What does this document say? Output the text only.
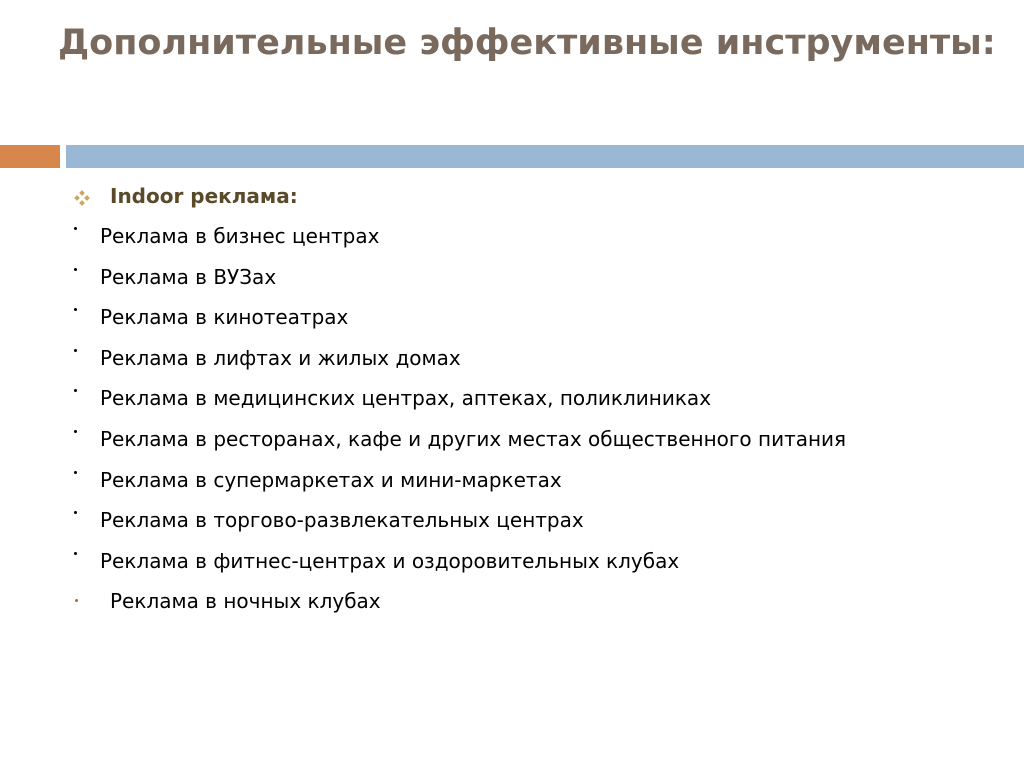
Дополнительные эффективные инструменты:
Indoor реклама:
Реклама в бизнес центрах
Реклама в ВУЗах
Реклама в кинотеатрах
Реклама в лифтах и жилых домах
Реклама в медицинских центрах, аптеках, поликлиниках
Реклама в ресторанах, кафе и других местах общественного питания
Реклама в супермаркетах и мини-маркетах
Реклама в торгово-развлекательных центрах
Реклама в фитнес-центрах и оздоровительных клубах
Реклама в ночных клубах
